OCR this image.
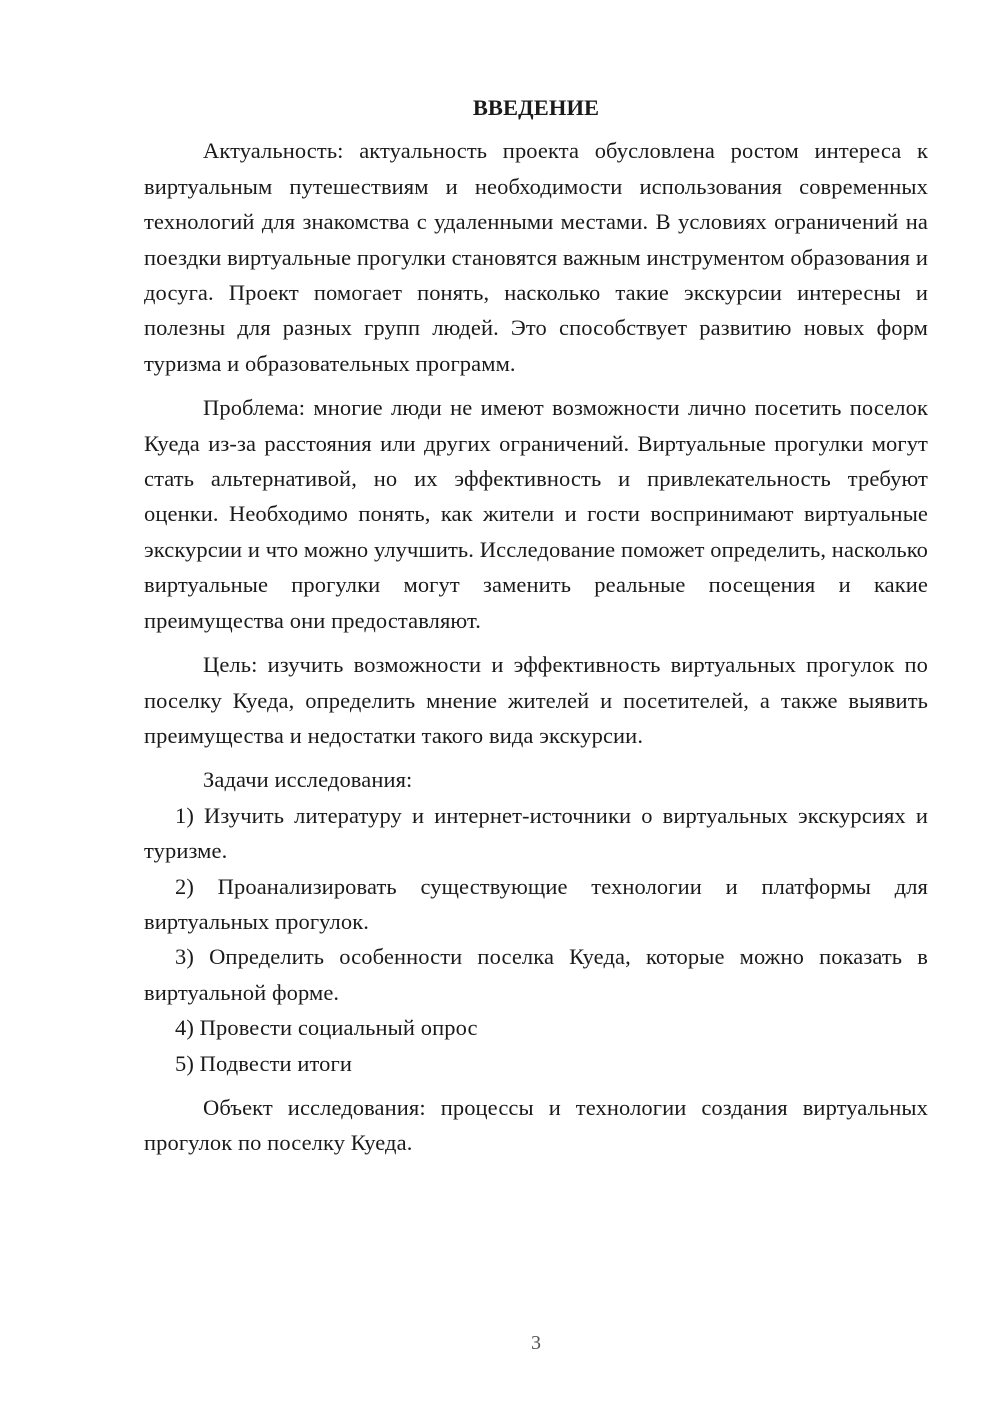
ВВЕДЕНИЕ

Актуальность: актуальность проекта обусловлена ростом интереса к виртуальным путешествиям и необходимости использования современных технологий для знакомства с удаленными местами. В условиях ограничений на поездки виртуальные прогулки становятся важным инструментом образования и досуга. Проект помогает понять, насколько такие экскурсии интересны и полезны для разных групп людей. Это способствует развитию новых форм туризма и образовательных программ.

Проблема: многие люди не имеют возможности лично посетить поселок Куеда из-за расстояния или других ограничений. Виртуальные прогулки могут стать альтернативой, но их эффективность и привлекательность требуют оценки. Необходимо понять, как жители и гости воспринимают виртуальные экскурсии и что можно улучшить. Исследование поможет определить, насколько виртуальные прогулки могут заменить реальные посещения и какие преимущества они предоставляют.

Цель: изучить возможности и эффективность виртуальных прогулок по поселку Куеда, определить мнение жителей и посетителей, а также выявить преимущества и недостатки такого вида экскурсии.

Задачи исследования:

1) Изучить литературу и интернет-источники о виртуальных экскурсиях и туризме.

2) Проанализировать существующие технологии и платформы для виртуальных прогулок.

3) Определить особенности поселка Куеда, которые можно показать в виртуальной форме.

4) Провести социальный опрос

5) Подвести итоги

Объект исследования: процессы и технологии создания виртуальных прогулок по поселку Куеда.

3
